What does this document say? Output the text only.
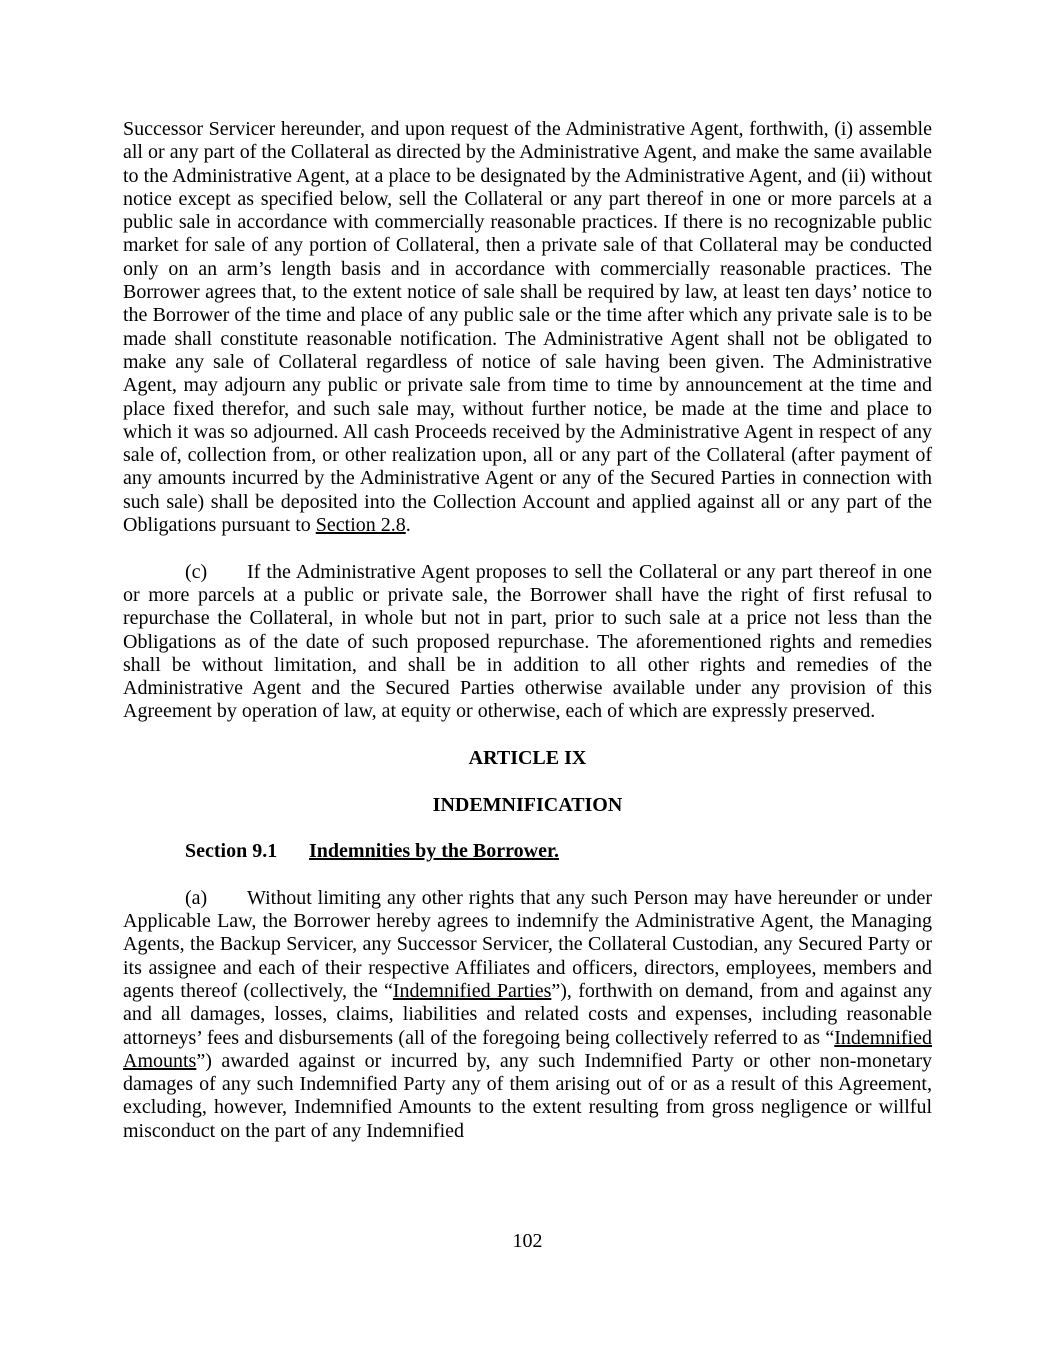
Successor Servicer hereunder, and upon request of the Administrative Agent, forthwith, (i) assemble all or any part of the Collateral as directed by the Administrative Agent, and make the same available to the Administrative Agent, at a place to be designated by the Administrative Agent, and (ii) without notice except as specified below, sell the Collateral or any part thereof in one or more parcels at a public sale in accordance with commercially reasonable practices. If there is no recognizable public market for sale of any portion of Collateral, then a private sale of that Collateral may be conducted only on an arm’s length basis and in accordance with commercially reasonable practices. The Borrower agrees that, to the extent notice of sale shall be required by law, at least ten days’ notice to the Borrower of the time and place of any public sale or the time after which any private sale is to be made shall constitute reasonable notification. The Administrative Agent shall not be obligated to make any sale of Collateral regardless of notice of sale having been given. The Administrative Agent, may adjourn any public or private sale from time to time by announcement at the time and place fixed therefor, and such sale may, without further notice, be made at the time and place to which it was so adjourned. All cash Proceeds received by the Administrative Agent in respect of any sale of, collection from, or other realization upon, all or any part of the Collateral (after payment of any amounts incurred by the Administrative Agent or any of the Secured Parties in connection with such sale) shall be deposited into the Collection Account and applied against all or any part of the Obligations pursuant to Section 2.8.

(c) If the Administrative Agent proposes to sell the Collateral or any part thereof in one or more parcels at a public or private sale, the Borrower shall have the right of first refusal to repurchase the Collateral, in whole but not in part, prior to such sale at a price not less than the Obligations as of the date of such proposed repurchase. The aforementioned rights and remedies shall be without limitation, and shall be in addition to all other rights and remedies of the Administrative Agent and the Secured Parties otherwise available under any provision of this Agreement by operation of law, at equity or otherwise, each of which are expressly preserved.

ARTICLE IX
INDEMNIFICATION

Section 9.1 Indemnities by the Borrower.

(a) Without limiting any other rights that any such Person may have hereunder or under Applicable Law, the Borrower hereby agrees to indemnify the Administrative Agent, the Managing Agents, the Backup Servicer, any Successor Servicer, the Collateral Custodian, any Secured Party or its assignee and each of their respective Affiliates and officers, directors, employees, members and agents thereof (collectively, the “Indemnified Parties”), forthwith on demand, from and against any and all damages, losses, claims, liabilities and related costs and expenses, including reasonable attorneys’ fees and disbursements (all of the foregoing being collectively referred to as “Indemnified Amounts”) awarded against or incurred by, any such Indemnified Party or other non-monetary damages of any such Indemnified Party any of them arising out of or as a result of this Agreement, excluding, however, Indemnified Amounts to the extent resulting from gross negligence or willful misconduct on the part of any Indemnified

102
